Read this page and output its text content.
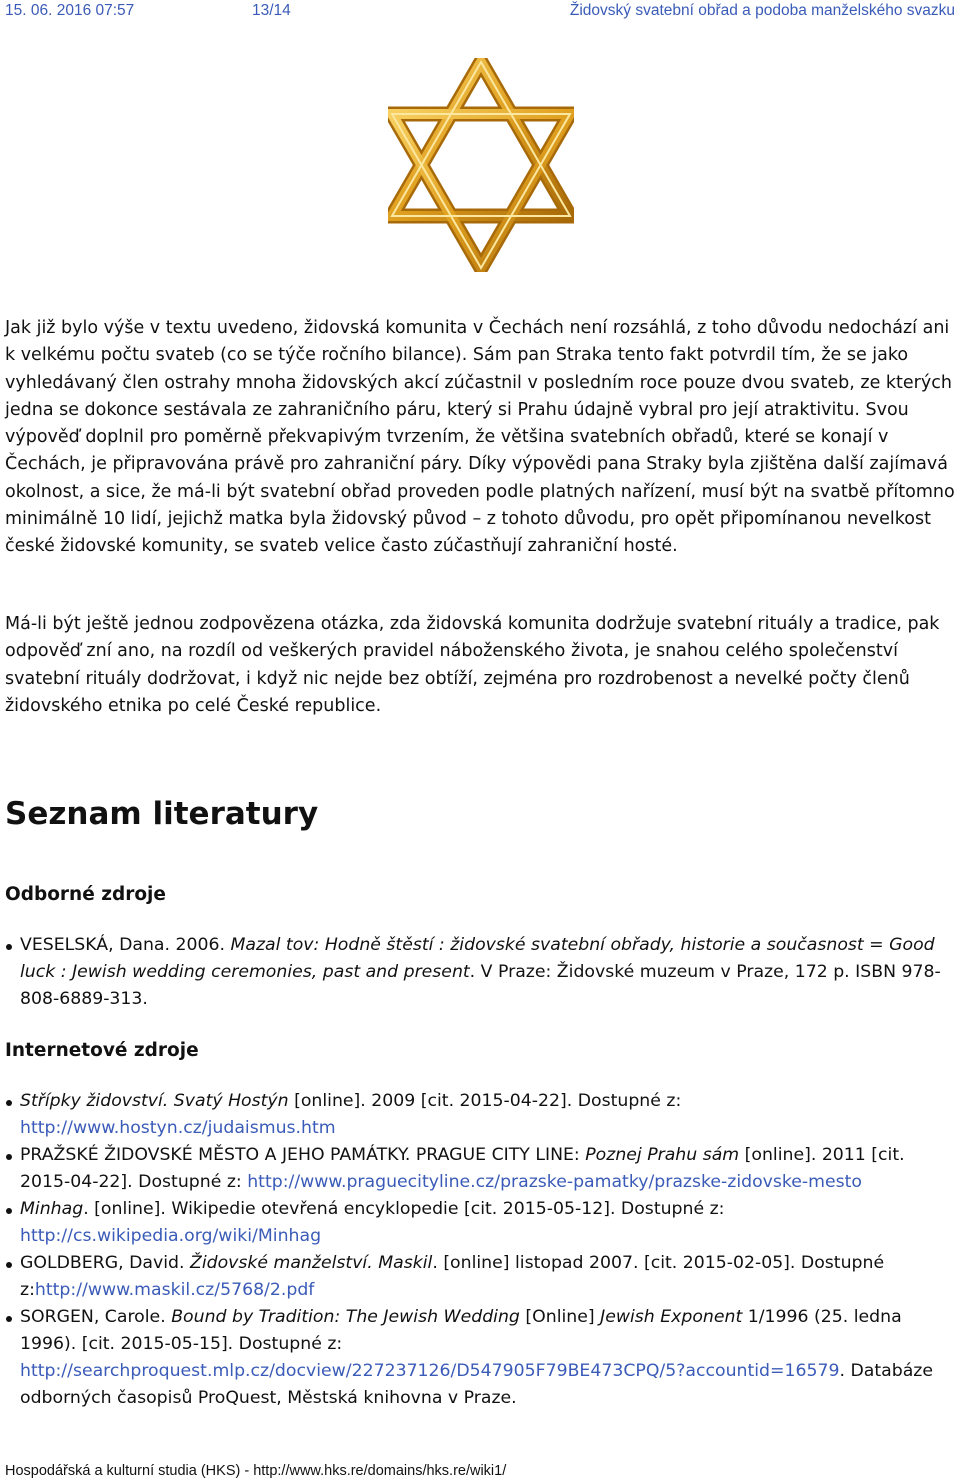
15. 06. 2016 07:57	13/14	Židovský svatební obřad a podoba manželského svazku

Jak již bylo výše v textu uvedeno, židovská komunita v Čechách není rozsáhlá, z toho důvodu nedochází ani k velkému počtu svateb (co se týče ročního bilance). Sám pan Straka tento fakt potvrdil tím, že se jako vyhledávaný člen ostrahy mnoha židovských akcí zúčastnil v posledním roce pouze dvou svateb, ze kterých jedna se dokonce sestávala ze zahraničního páru, který si Prahu údajně vybral pro její atraktivitu. Svou výpověď doplnil pro poměrně překvapivým tvrzením, že většina svatebních obřadů, které se konají v Čechách, je připravována právě pro zahraniční páry. Díky výpovědi pana Straky byla zjištěna další zajímavá okolnost, a sice, že má-li být svatební obřad proveden podle platných nařízení, musí být na svatbě přítomno minimálně 10 lidí, jejichž matka byla židovský původ – z tohoto důvodu, pro opět připomínanou nevelkost české židovské komunity, se svateb velice často zúčastňují zahraniční hosté.

Má-li být ještě jednou zodpovězena otázka, zda židovská komunita dodržuje svatební rituály a tradice, pak odpověď zní ano, na rozdíl od veškerých pravidel náboženského života, je snahou celého společenství svatební rituály dodržovat, i když nic nejde bez obtíží, zejména pro rozdrobenost a nevelké počty členů židovského etnika po celé České republice.

Seznam literatury
Odborné zdroje
VESELSKÁ, Dana. 2006. Mazal tov: Hodně štěstí : židovské svatební obřady, historie a současnost = Good luck : Jewish wedding ceremonies, past and present. V Praze: Židovské muzeum v Praze, 172 p. ISBN 978-808-6889-313.
Internetové zdroje
Střípky židovství. Svatý Hostýn [online]. 2009 [cit. 2015-04-22]. Dostupné z: http://www.hostyn.cz/judaismus.htm
PRAŽSKÉ ŽIDOVSKÉ MĚSTO A JEHO PAMÁTKY. PRAGUE CITY LINE: Poznej Prahu sám [online]. 2011 [cit. 2015-04-22]. Dostupné z: http://www.praguecityline.cz/prazske-pamatky/prazske-zidovske-mesto
Minhag. [online]. Wikipedie otevřená encyklopedie [cit. 2015-05-12]. Dostupné z: http://cs.wikipedia.org/wiki/Minhag
GOLDBERG, David. Židovské manželství. Maskil. [online] listopad 2007. [cit. 2015-02-05]. Dostupné z:http://www.maskil.cz/5768/2.pdf
SORGEN, Carole. Bound by Tradition: The Jewish Wedding [Online] Jewish Exponent 1/1996 (25. ledna 1996). [cit. 2015-05-15]. Dostupné z: http://searchproquest.mlp.cz/docview/227237126/D547905F79BE473CPQ/5?accountid=16579. Databáze odborných časopisů ProQuest, Městská knihovna v Praze.
Hospodářská a kulturní studia (HKS) - http://www.hks.re/domains/hks.re/wiki1/
